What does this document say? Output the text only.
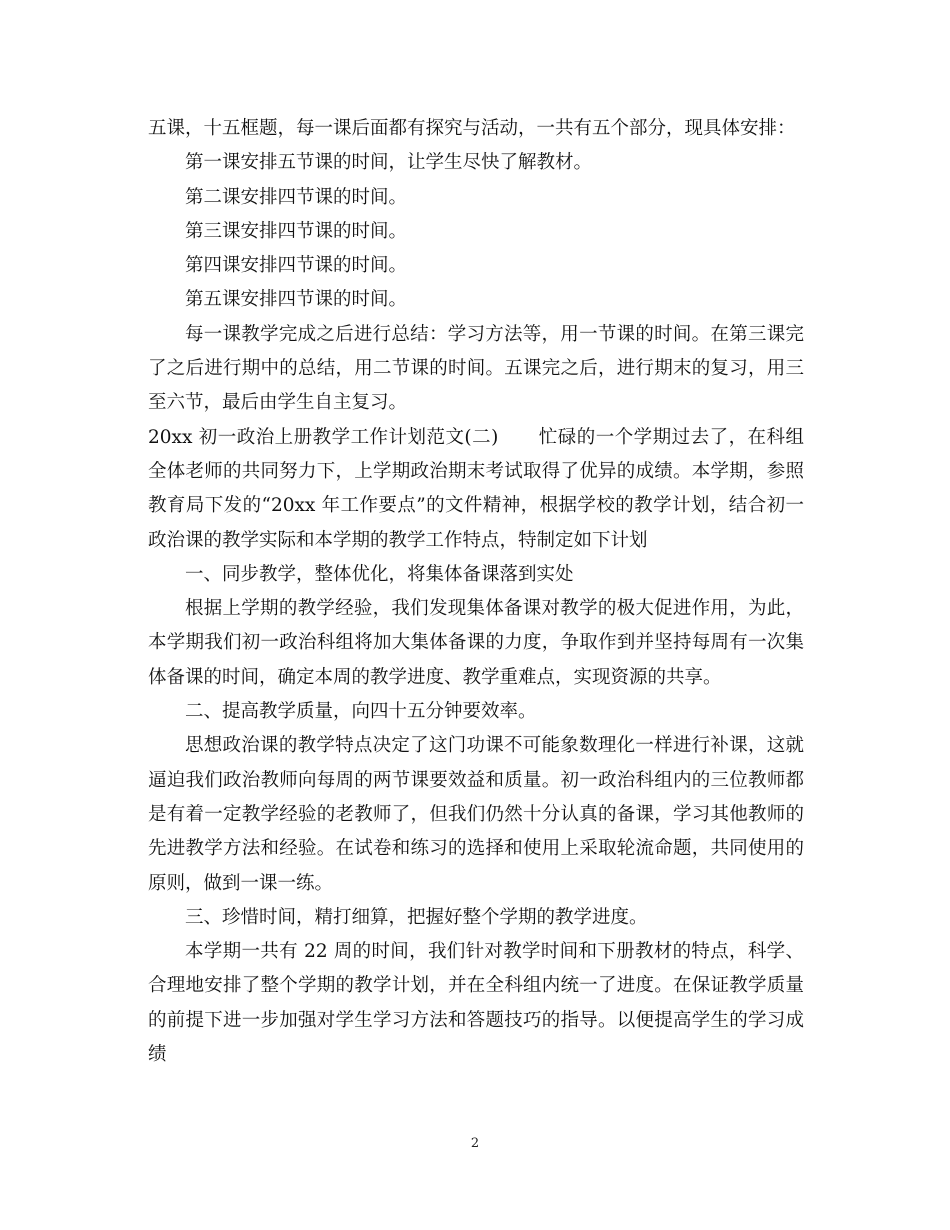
五课，十五框题，每一课后面都有探究与活动，一共有五个部分，现具体安排：

第一课安排五节课的时间，让学生尽快了解教材。

第二课安排四节课的时间。

第三课安排四节课的时间。

第四课安排四节课的时间。

第五课安排四节课的时间。

每一课教学完成之后进行总结：学习方法等，用一节课的时间。在第三课完了之后进行期中的总结，用二节课的时间。五课完之后，进行期末的复习，用三至六节，最后由学生自主复习。

20xx 初一政治上册教学工作计划范文(二) 忙碌的一个学期过去了，在科组全体老师的共同努力下，上学期政治期末考试取得了优异的成绩。本学期，参照教育局下发的“20xx 年工作要点”的文件精神，根据学校的教学计划，结合初一政治课的教学实际和本学期的教学工作特点，特制定如下计划

一、同步教学，整体优化，将集体备课落到实处

根据上学期的教学经验，我们发现集体备课对教学的极大促进作用，为此，本学期我们初一政治科组将加大集体备课的力度，争取作到并坚持每周有一次集体备课的时间，确定本周的教学进度、教学重难点，实现资源的共享。

二、提高教学质量，向四十五分钟要效率。

思想政治课的教学特点决定了这门功课不可能象数理化一样进行补课，这就逼迫我们政治教师向每周的两节课要效益和质量。初一政治科组内的三位教师都是有着一定教学经验的老教师了，但我们仍然十分认真的备课，学习其他教师的先进教学方法和经验。在试卷和练习的选择和使用上采取轮流命题，共同使用的原则，做到一课一练。

三、珍惜时间，精打细算，把握好整个学期的教学进度。

本学期一共有 22 周的时间，我们针对教学时间和下册教材的特点，科学、合理地安排了整个学期的教学计划，并在全科组内统一了进度。在保证教学质量的前提下进一步加强对学生学习方法和答题技巧的指导。以便提高学生的学习成绩

2
